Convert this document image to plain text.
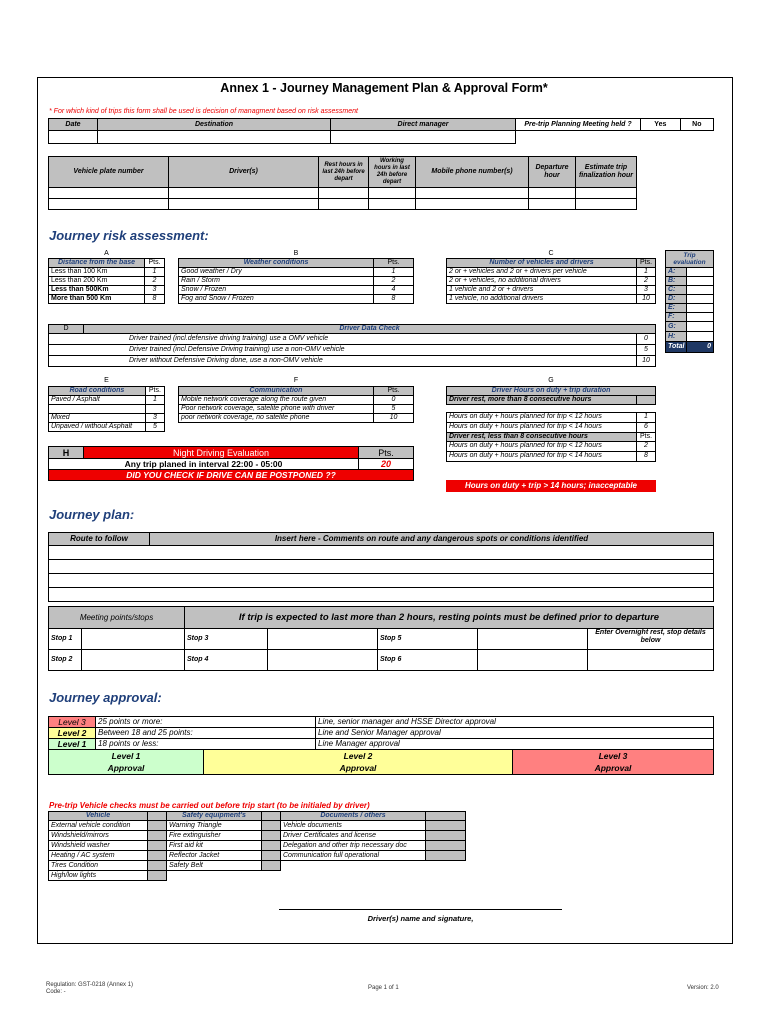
Annex 1 - Journey Management Plan & Approval Form*
* For which kind of trips this form shall be used is decision of managment based on risk assessment
Date	Destination	Direct manager	Pre-trip Planning Meeting held ?	Yes	No

Vehicle plate number	Driver(s)	Rest hours in last 24h before depart	Working hours in last 24h before depart	Mobile phone number(s)	Departure hour	Estimate trip finalization hour

Journey risk assessment:
A	
Distance from the base	Pts.
Less than 100 Km	1
Less than 200 Km	2
Less than 500Km	3
More than 500 Km	8
B	
Weather conditions	Pts.
Good weather / Dry	1
Rain / Storm	2
Snow / Frozen	4
Fog and Snow / Frozen	8
C	
Number of vehicles and drivers	Pts.
2 or + vehicles and 2 or + drivers per vehicle	1
2 or + vehicles, no additional drivers	2
1 vehicle and 2 or + drivers	3
1 vehicle, no additional drivers	10
Trip evaluation	
A:	
B:	
C:	
D:	
E:	
F:	
G:	
H:	
Total	0
D	Driver Data Check	
Driver trained (incl.defensive driving training) use a OMV vehicle		0
Driver trained (incl.Defensive Driving training) use a non-OMV vehicle		5
Driver without Defensive Driving done, use a non-OMV vehicle		10
E	
Road conditions	Pts.
Paved / Asphalt	1

Mixed	3
Unpaved / without Asphalt	5
F	
Communication	Pts.
Mobile network coverage along the route given	0
Poor network coverage, satelite phone with driver	5
poor network coverage, no satelite phone	10
G	
Driver Hours on duty + trip duration	
Driver rest, more than 8 consecutive hours	

Hours on duty + hours planned for trip < 12 hours	1
Hours on duty + hours planned for trip < 14 hours	6
Driver rest, less than 8 consecutive hours	Pts.
Hours on duty + hours planned for trip < 12 hours	2
Hours on duty + hours planned for trip < 14 hours	8
Hours on duty + trip > 14 hours; inacceptable
H	Night Driving Evaluation	Pts.
Any trip planed in interval 22:00 - 05:00		20
DID YOU CHECK IF DRIVE CAN BE POSTPONED ??		
Journey plan:
Route to follow	Insert here - Comments on route and any dangerous spots or conditions identified

Meeting points/stops		If trip is expected to last more than 2 hours, resting points must be defined prior to departure				
Stop 1		Stop 3		Stop 5		Enter Overnight rest, stop details below
Stop 2		Stop 4		Stop 6		
Journey approval:
Level 3	25 points or more:	Line, senior manager and HSSE Director approval
Level 2	Between 18 and 25 points:	Line and Senior Manager approval
Level 1	18 points or less:	Line Manager approval
Level 1
Approval

Level 2
Approval

Level 3
Approval
Pre-trip Vehicle checks must be carried out before trip start (to be initialed by driver)
Vehicle		Safety equipment's		Documents / others	
External vehicle condition		Warning Triangle		Vehicle documents	
Windshield/mirrors		Fire extinguisher		Driver Certificates and license	
Windshield washer		First aid kit		Delegation and other trip necessary doc	
Heating / AC system		Reflector Jacket		Communication full operational	
Tires Condition		Safety Belt			
High/low lights					
Driver(s) name and signature,
Regulation: GST-0218 (Annex 1)
Code: -
Page 1 of 1	Version: 2.0
